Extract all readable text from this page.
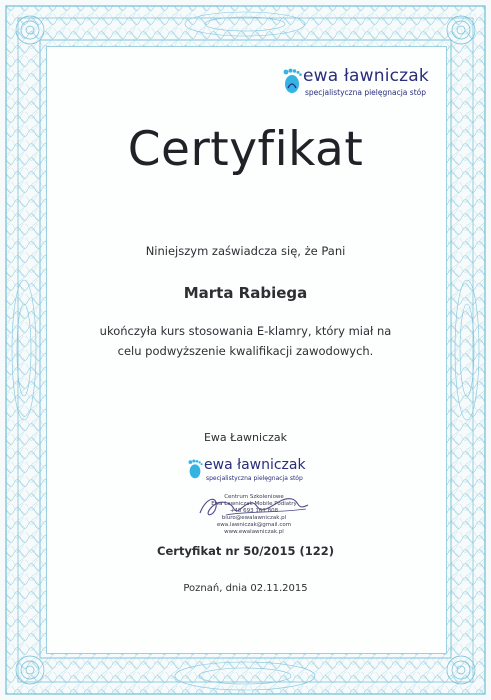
ewa ławniczak
specjalistyczna pielęgnacja stóp
Certyfikat
Niniejszym zaświadcza się, że Pani
Marta Rabiega
ukończyła kurs stosowania E-klamry, który miał na
celu podwyższenie kwalifikacji zawodowych.
Ewa Ławniczak
ewa ławniczak
specjalistyczna pielęgnacja stóp
Centrum Szkoleniowe
Ewa Ławniczak Mobile Podiatry
+48 693 161 808
biuro@ewalawniczak.pl
ewa.lawniczak@gmail.com
www.ewalawniczak.pl
Certyfikat nr 50/2015 (122)
Poznań, dnia 02.11.2015
